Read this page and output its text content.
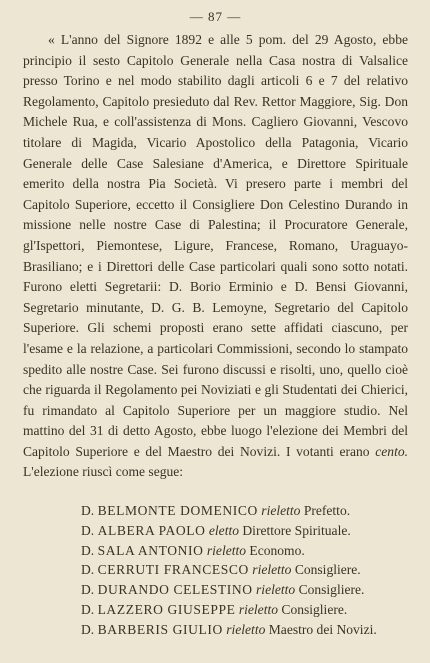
— 87 —

« L'anno del Signore 1892 e alle 5 pom. del 29 Agosto, ebbe principio il sesto Capitolo Generale nella Casa nostra di Valsalice presso Torino e nel modo stabilito dagli articoli 6 e 7 del relativo Regolamento, Capitolo presieduto dal Rev. Rettor Maggiore, Sig. Don Michele Rua, e coll'assistenza di Mons. Cagliero Giovanni, Vescovo titolare di Magida, Vicario Apostolico della Patagonia, Vicario Generale delle Case Salesiane d'America, e Direttore Spirituale emerito della nostra Pia Società. Vi presero parte i membri del Capitolo Superiore, eccetto il Consigliere Don Celestino Durando in missione nelle nostre Case di Palestina; il Procuratore Generale, gl'Ispettori, Piemontese, Ligure, Francese, Romano, Uraguayo-Brasiliano; e i Direttori delle Case particolari quali sono sotto notati. Furono eletti Segretarii: D. Borio Erminio e D. Bensi Giovanni, Segretario minutante, D. G. B. Lemoyne, Segretario del Capitolo Superiore. Gli schemi proposti erano sette affidati ciascuno, per l'esame e la relazione, a particolari Commissioni, secondo lo stampato spedito alle nostre Case. Sei furono discussi e risolti, uno, quello cioè che riguarda il Regolamento pei Noviziati e gli Studentati dei Chierici, fu rimandato al Capitolo Superiore per un maggiore studio. Nel mattino del 31 di detto Agosto, ebbe luogo l'elezione dei Membri del Capitolo Superiore e del Maestro dei Novizi. I votanti erano cento. L'elezione riuscì come segue:

D. BELMONTE DOMENICO rieletto Prefetto.
D. ALBERA PAOLO eletto Direttore Spirituale.
D. SALA ANTONIO rieletto Economo.
D. CERRUTI FRANCESCO rieletto Consigliere.
D. DURANDO CELESTINO rieletto Consigliere.
D. LAZZERO GIUSEPPE rieletto Consigliere.
D. BARBERIS GIULIO rieletto Maestro dei Novizi.
